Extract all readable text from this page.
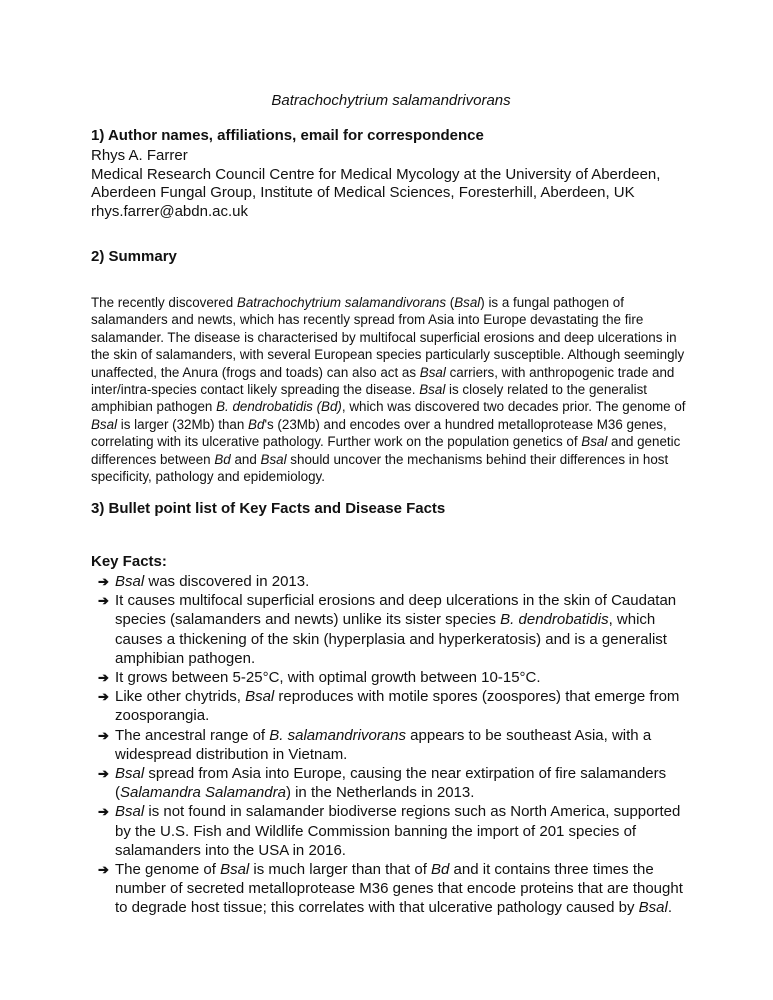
Batrachochytrium salamandrivorans
1) Author names, affiliations, email for correspondence
Rhys A. Farrer
Medical Research Council Centre for Medical Mycology at the University of Aberdeen,
Aberdeen Fungal Group, Institute of Medical Sciences, Foresterhill, Aberdeen, UK
rhys.farrer@abdn.ac.uk
2) Summary
The recently discovered Batrachochytrium salamandivorans (Bsal) is a fungal pathogen of salamanders and newts, which has recently spread from Asia into Europe devastating the fire salamander. The disease is characterised by multifocal superficial erosions and deep ulcerations in the skin of salamanders, with several European species particularly susceptible. Although seemingly unaffected, the Anura (frogs and toads) can also act as Bsal carriers, with anthropogenic trade and inter/intra-species contact likely spreading the disease. Bsal is closely related to the generalist amphibian pathogen B. dendrobatidis (Bd), which was discovered two decades prior. The genome of Bsal is larger (32Mb) than Bd's (23Mb) and encodes over a hundred metalloprotease M36 genes, correlating with its ulcerative pathology. Further work on the population genetics of Bsal and genetic differences between Bd and Bsal should uncover the mechanisms behind their differences in host specificity, pathology and epidemiology.
3) Bullet point list of Key Facts and Disease Facts
Key Facts:
➔ Bsal was discovered in 2013.
➔ It causes multifocal superficial erosions and deep ulcerations in the skin of Caudatan species (salamanders and newts) unlike its sister species B. dendrobatidis, which causes a thickening of the skin (hyperplasia and hyperkeratosis) and is a generalist amphibian pathogen.
➔ It grows between 5-25°C, with optimal growth between 10-15°C.
➔ Like other chytrids, Bsal reproduces with motile spores (zoospores) that emerge from zoosporangia.
➔ The ancestral range of B. salamandrivorans appears to be southeast Asia, with a widespread distribution in Vietnam.
➔ Bsal spread from Asia into Europe, causing the near extirpation of fire salamanders (Salamandra Salamandra) in the Netherlands in 2013.
➔ Bsal is not found in salamander biodiverse regions such as North America, supported by the U.S. Fish and Wildlife Commission banning the import of 201 species of salamanders into the USA in 2016.
➔ The genome of Bsal is much larger than that of Bd and it contains three times the number of secreted metalloprotease M36 genes that encode proteins that are thought to degrade host tissue; this correlates with that ulcerative pathology caused by Bsal.
